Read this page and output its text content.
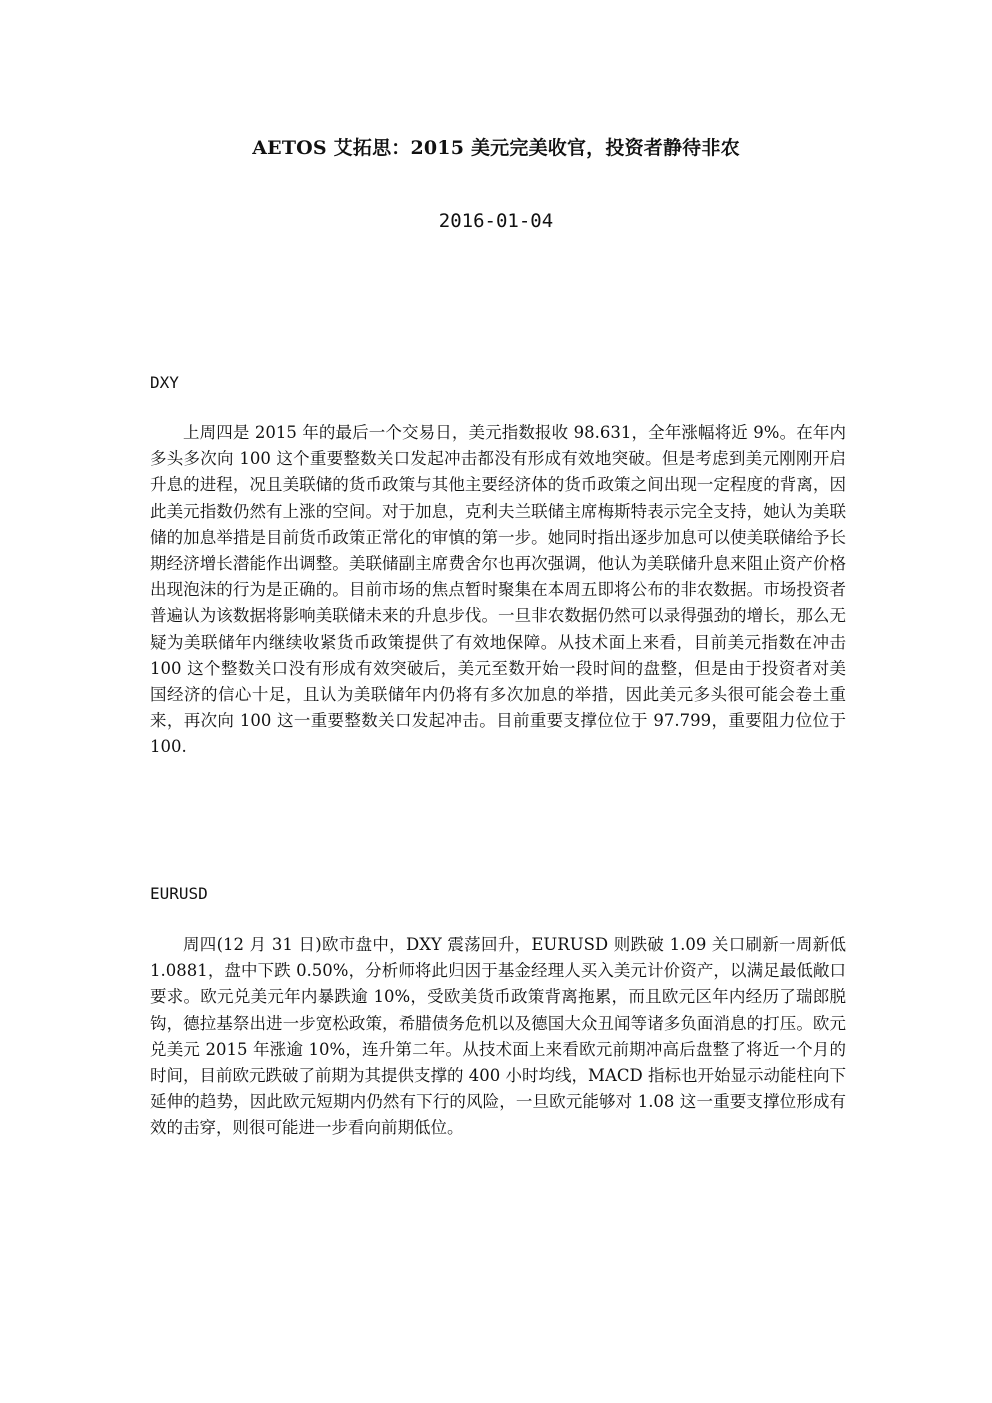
AETOS 艾拓思：2015 美元完美收官，投资者静待非农
2016-01-04
DXY

上周四是 2015 年的最后一个交易日，美元指数报收 98.631，全年涨幅将近 9%。在年内多头多次向 100 这个重要整数关口发起冲击都没有形成有效地突破。但是考虑到美元刚刚开启升息的进程，况且美联储的货币政策与其他主要经济体的货币政策之间出现一定程度的背离，因此美元指数仍然有上涨的空间。对于加息，克利夫兰联储主席梅斯特表示完全支持，她认为美联储的加息举措是目前货币政策正常化的审慎的第一步。她同时指出逐步加息可以使美联储给予长期经济增长潜能作出调整。美联储副主席费舍尔也再次强调，他认为美联储升息来阻止资产价格出现泡沫的行为是正确的。目前市场的焦点暂时聚集在本周五即将公布的非农数据。市场投资者普遍认为该数据将影响美联储未来的升息步伐。一旦非农数据仍然可以录得强劲的增长，那么无疑为美联储年内继续收紧货币政策提供了有效地保障。从技术面上来看，目前美元指数在冲击 100 这个整数关口没有形成有效突破后，美元至数开始一段时间的盘整，但是由于投资者对美国经济的信心十足，且认为美联储年内仍将有多次加息的举措，因此美元多头很可能会卷土重来，再次向 100 这一重要整数关口发起冲击。目前重要支撑位位于 97.799，重要阻力位位于 100.

EURUSD

周四(12 月 31 日)欧市盘中，DXY 震荡回升，EURUSD 则跌破 1.09 关口刷新一周新低 1.0881，盘中下跌 0.50%，分析师将此归因于基金经理人买入美元计价资产，以满足最低敞口要求。欧元兑美元年内暴跌逾 10%，受欧美货币政策背离拖累，而且欧元区年内经历了瑞郎脱钩，德拉基祭出进一步宽松政策，希腊债务危机以及德国大众丑闻等诸多负面消息的打压。欧元兑美元 2015 年涨逾 10%，连升第二年。从技术面上来看欧元前期冲高后盘整了将近一个月的时间，目前欧元跌破了前期为其提供支撑的 400 小时均线，MACD 指标也开始显示动能柱向下延伸的趋势，因此欧元短期内仍然有下行的风险，一旦欧元能够对 1.08 这一重要支撑位形成有效的击穿，则很可能进一步看向前期低位。
